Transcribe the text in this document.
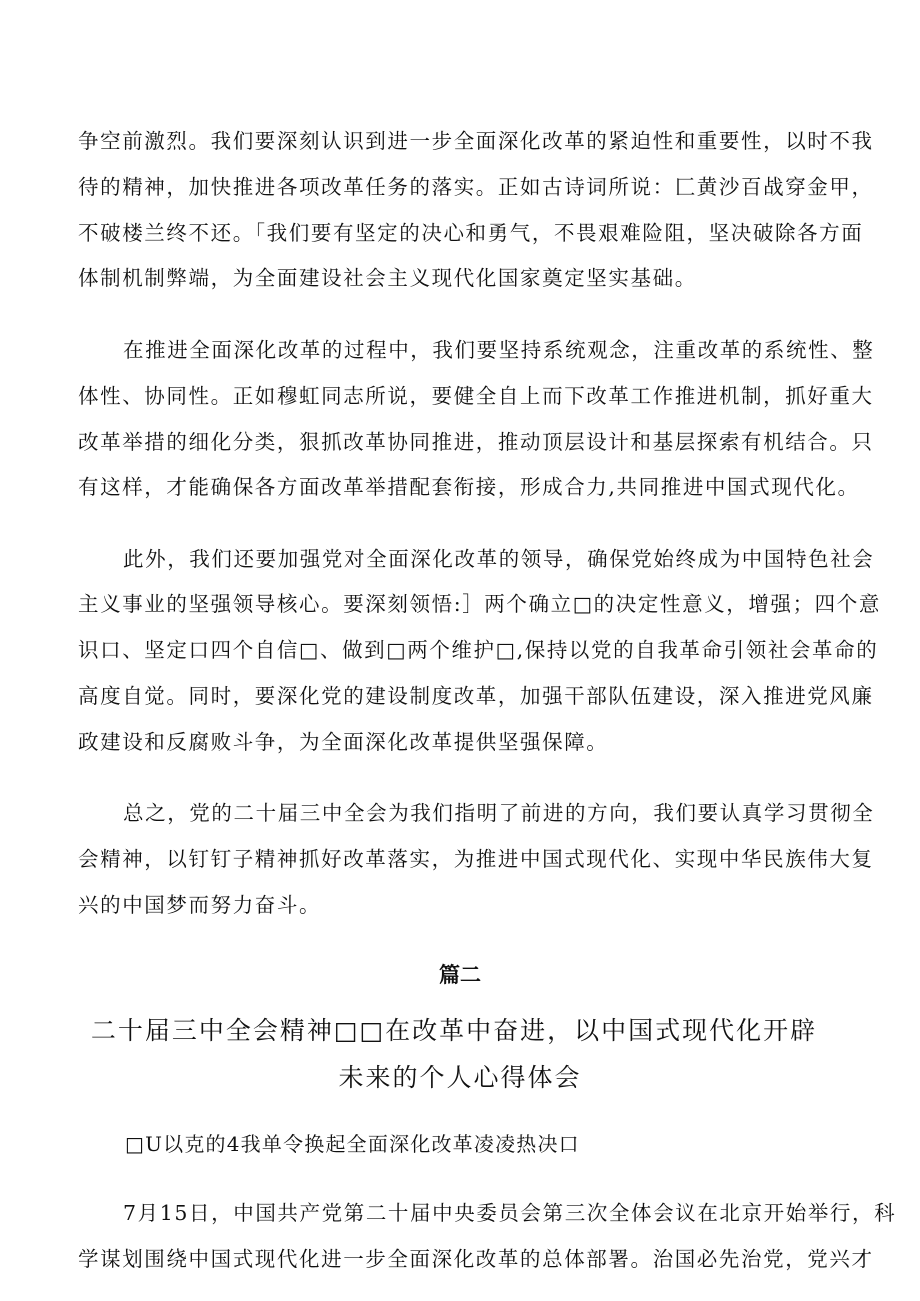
争空前激烈。我们要深刻认识到进一步全面深化改革的紧迫性和重要性，以时不我
待的精神，加快推进各项改革任务的落实。正如古诗词所说：匚黄沙百战穿金甲，
不破楼兰终不还。「我们要有坚定的决心和勇气，不畏艰难险阻，坚决破除各方面
体制机制弊端，为全面建设社会主义现代化国家奠定坚实基础。
在推进全面深化改革的过程中，我们要坚持系统观念，注重改革的系统性、整
体性、协同性。正如穆虹同志所说，要健全自上而下改革工作推进机制，抓好重大
改革举措的细化分类，狠抓改革协同推进，推动顶层设计和基层探索有机结合。只
有这样，才能确保各方面改革举措配套衔接，形成合力,共同推进中国式现代化。
此外，我们还要加强党对全面深化改革的领导，确保党始终成为中国特色社会
主义事业的坚强领导核心。要深刻领悟:］两个确立□的决定性意义，增强；四个意
识口、坚定口四个自信□、做到□两个维护□,保持以党的自我革命引领社会革命的
高度自觉。同时，要深化党的建设制度改革，加强干部队伍建设，深入推进党风廉
政建设和反腐败斗争，为全面深化改革提供坚强保障。
总之，党的二十届三中全会为我们指明了前进的方向，我们要认真学习贯彻全
会精神，以钉钉子精神抓好改革落实，为推进中国式现代化、实现中华民族伟大复
兴的中国梦而努力奋斗。
篇二
二十届三中全会精神□□在改革中奋进，以中国式现代化开辟
未来的个人心得体会
□U以克的4我单令换起全面深化改革凌凌热决口
7月15日，中国共产党第二十届中央委员会第三次全体会议在北京开始举行，科
学谋划围绕中国式现代化进一步全面深化改革的总体部署。治国必先治党，党兴才
